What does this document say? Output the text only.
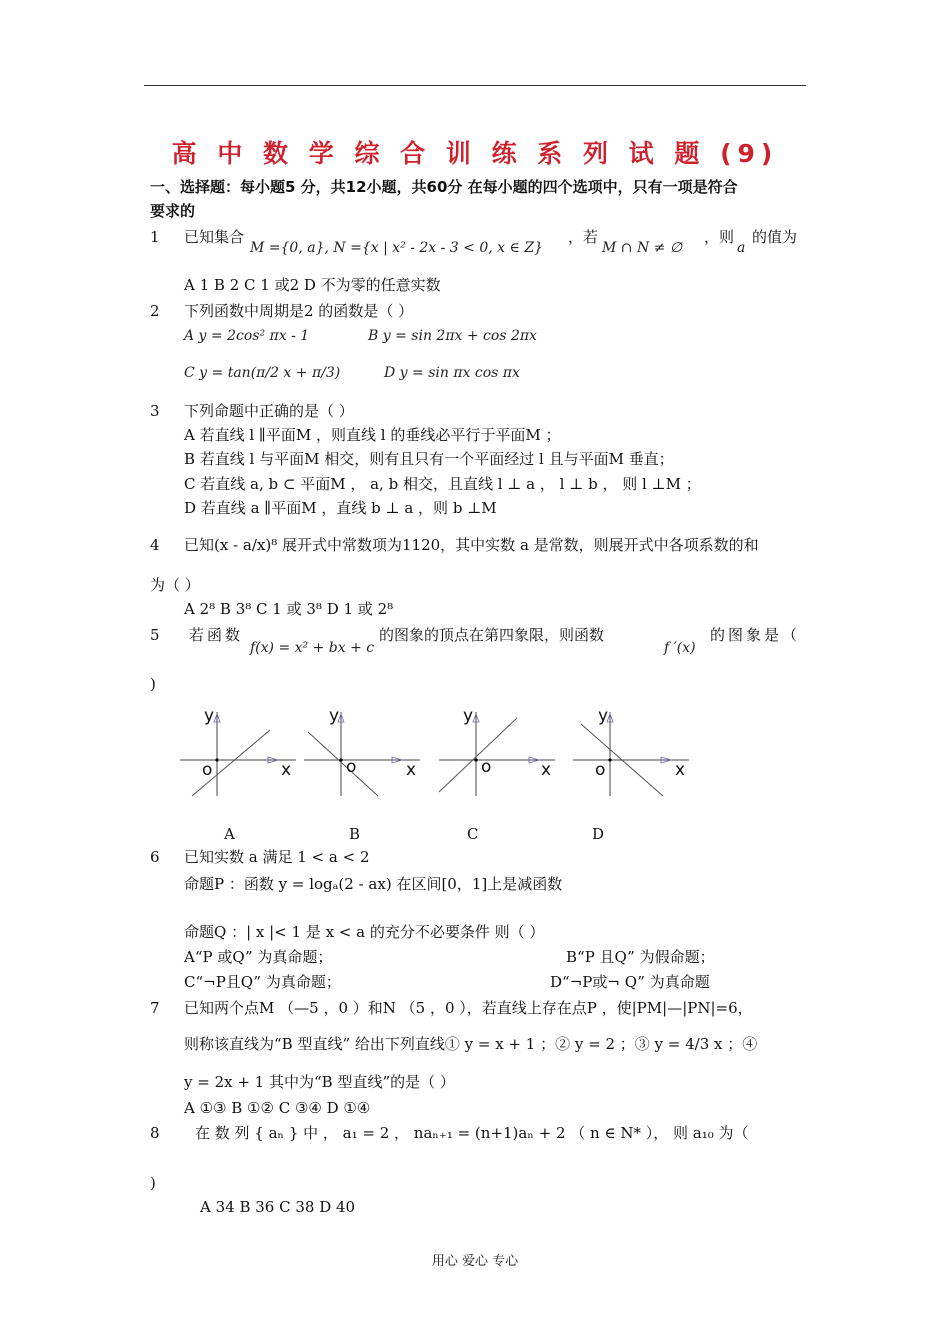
高 中 数 学 综 合 训 练 系 列 试 题 (9)
一、选择题：每小题5 分，共12小题，共60分 在每小题的四个选项中，只有一项是符合
要求的
1 已知集合
M ={0, a}, N ={x | x² - 2x - 3 < 0, x ∈ Z}
，若
M ∩ N ≠ ∅
，则
a
的值为
A 1 B 2 C 1 或2 D 不为零的任意实数
2 下列函数中周期是2 的函数是（ ）
A y = 2cos² πx - 1	B y = sin 2πx + cos 2πx
C y = tan(π/2 x + π/3)	D y = sin πx cos πx
3 下列命题中正确的是（ ）
A 若直线 l ∥平面M ，则直线 l 的垂线必平行于平面M ；
B 若直线 l 与平面M 相交，则有且只有一个平面经过 l 且与平面M 垂直；
C 若直线 a, b ⊂ 平面M ， a, b 相交，且直线 l ⊥ a ， l ⊥ b ， 则 l ⊥M ；
D 若直线 a ∥平面M ，直线 b ⊥ a ，则 b ⊥M
4 已知(x - a/x)⁸ 展开式中常数项为1120，其中实数 a 是常数，则展开式中各项系数的和
为（ ）
A 2⁸ B 3⁸ C 1 或 3⁸ D 1 或 2⁸
5 若函数
f(x) = x² + bx + c
的图象的顶点在第四象限，则函数
f ′(x)
的图象是（
)
y
o	x
y
o	x
y
o	x
y
o	x
A	B	C	D
6 已知实数 a 满足 1 < a < 2
命题P ：函数 y = logₐ(2 - ax) 在区间[0，1]上是减函数
命题Q ：| x |< 1 是 x < a 的充分不必要条件 则（ ）
A“P 或Q” 为真命题；	B“P 且Q” 为假命题；
C“¬P且Q” 为真命题；	D“¬P或¬ Q” 为真命题
7 已知两个点M （—5 ，0 ）和N （5 ，0 ），若直线上存在点P ，使|PM|—|PN|=6，
则称该直线为“B 型直线” 给出下列直线① y = x + 1 ；② y = 2 ；③ y = 4/3 x ；④
y = 2x + 1 其中为“B 型直线”的是（ ）
A ①③ B ①② C ③④ D ①④
8 在 数 列 { aₙ } 中 ， a₁ = 2 ， naₙ₊₁ = (n+1)aₙ + 2 （ n ∈ N* ）， 则 a₁₀ 为（
)
A 34 B 36 C 38 D 40
用心 爱心 专心
